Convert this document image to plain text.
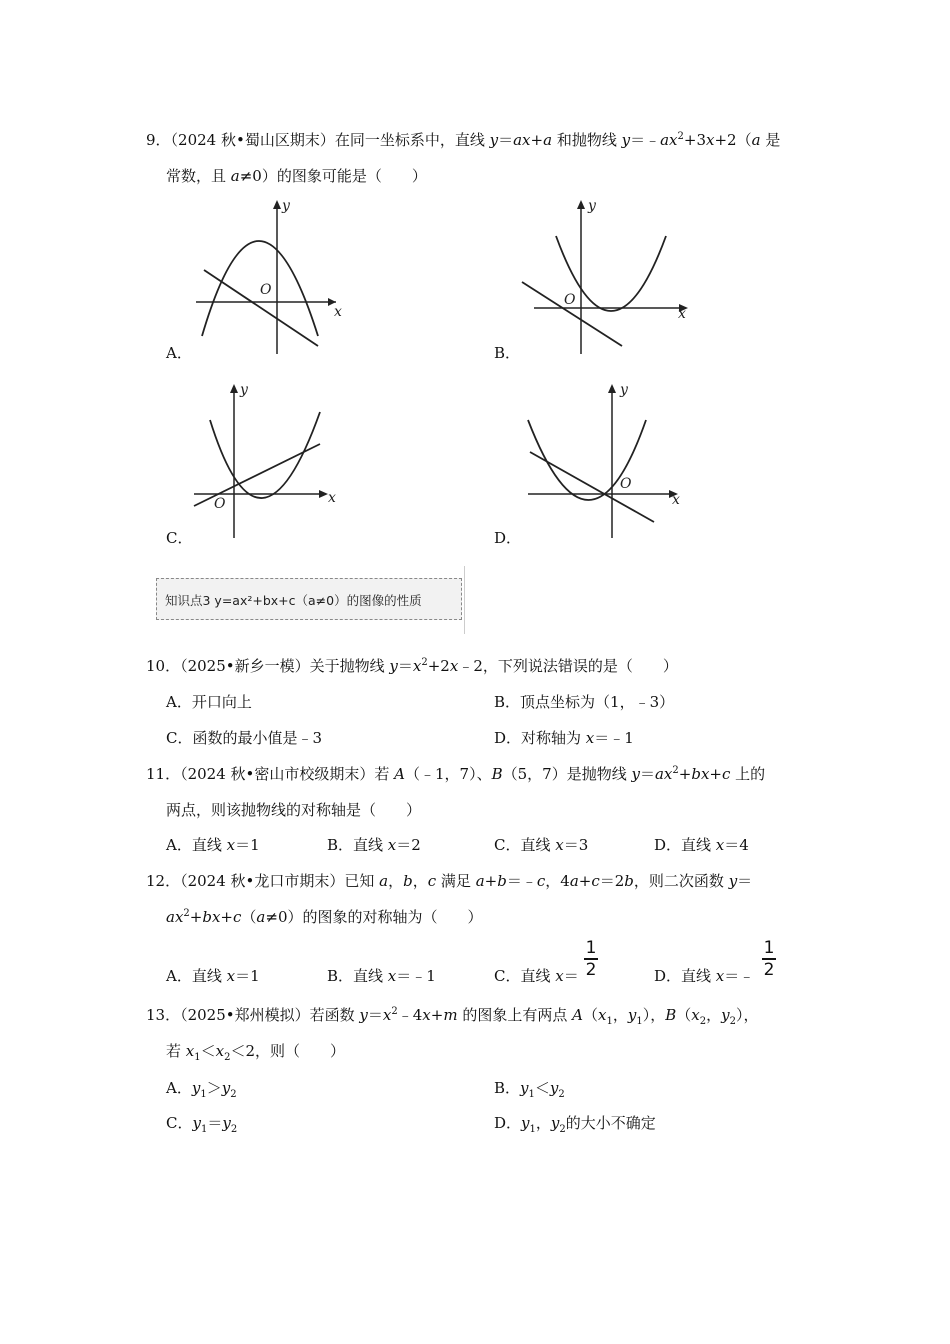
9．（2024 秋•蜀山区期末）在同一坐标系中，直线 y＝ax+a 和抛物线 $y=﹣ax^2+3x+2(a$ 是
常数，且 a≠0）的图象可能是（　　）
y
x
O
A．
y
x
O
B．
y
x
O
C．
y
x
O
D．
知识点3 y=ax²+bx+c（a≠0）的图像的性质
10．（2025•新乡一模）关于抛物线 $y=x^2+2x﹣2$，下列说法错误的是（　　）
A．开口向上	B．顶点坐标为（1，﹣3）
C．函数的最小值是﹣3	D．对称轴为 x＝﹣1
11．（2024 秋•密山市校级期末）若 A（﹣1，7）、B（5，7）是抛物线 $y=ax^2+bx+c$ 上的
两点，则该抛物线的对称轴是（　　）
A．直线 x＝1	B．直线 x＝2	C．直线 x＝3	D．直线 x＝4
12．（2024 秋•龙口市期末）已知 a，b，c 满足 a+b＝﹣c，4a+c＝2b，则二次函数 y＝
$ax^2+bx+c(a\ne 0)$的图象的对称轴为（　　）
A．直线 x＝1	B．直线 x＝﹣1	C．直线 x＝
1
2	D．直线 x＝﹣
1
2
13．（2025•郑州模拟）若函数 $y=x^2﹣4x+m$ 的图象上有两点 $A(x_1$，$y_1$），$B(x_2$，$y_2$），
若 $x_1<x_2<2$，则（　　）
A．$y_1>y_2$	B．$y_1<y_2$
C．$y_1=y_2$	D．$y_1$，$y_2$的大小不确定
